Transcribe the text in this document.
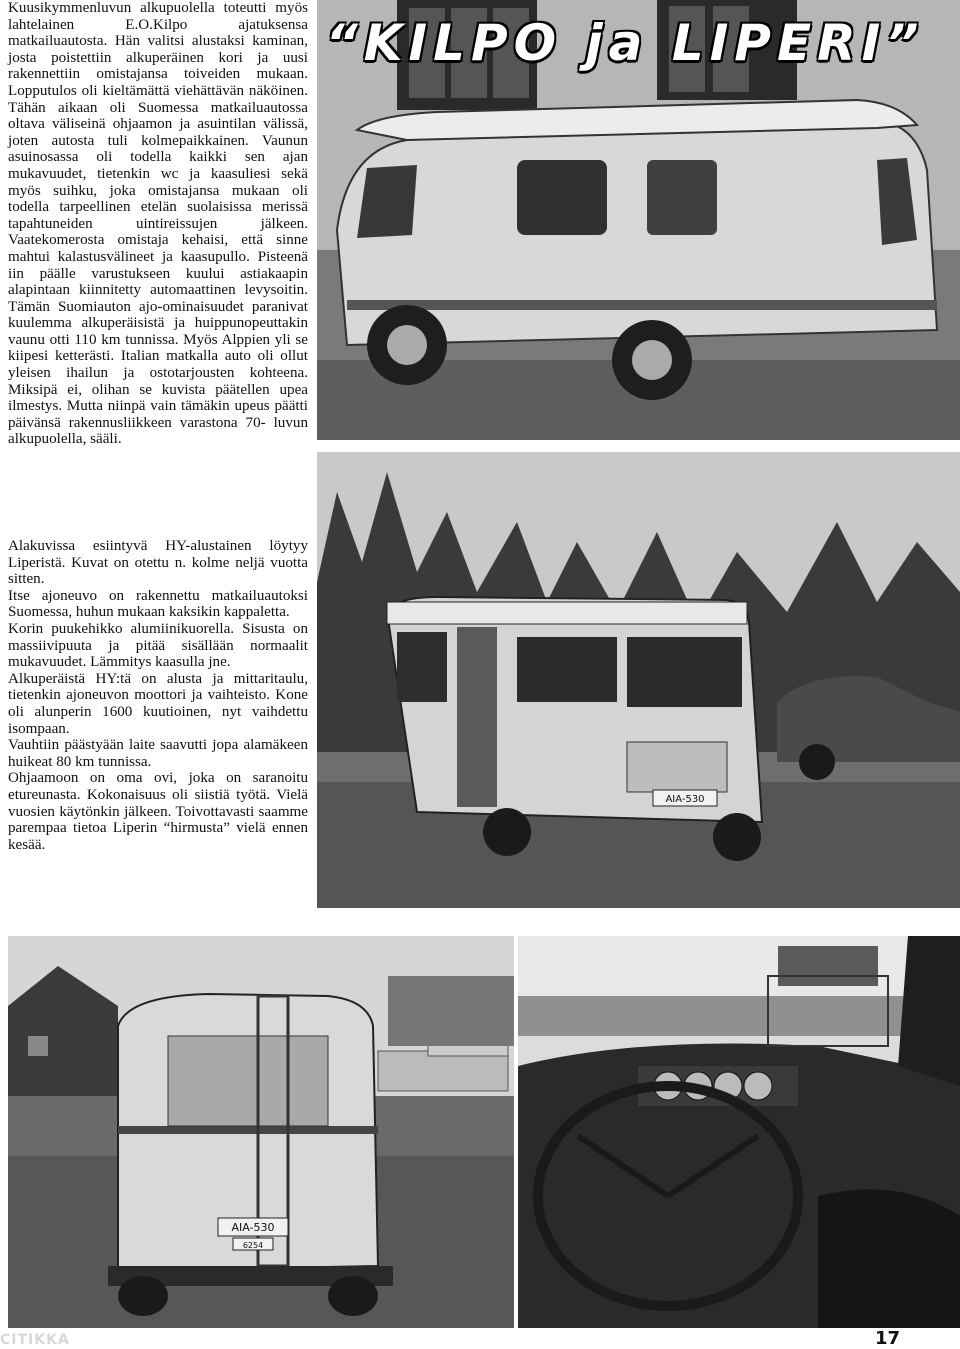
Kuusikymmenluvun alkupuolella toteutti myös lahtelainen E.O.Kilpo ajatuksensa matkailuautosta. Hän valitsi alustaksi kaminan, josta poistettiin alkuperäinen kori ja uusi rakennettiin omistajansa toiveiden mukaan. Lopputulos oli kieltämättä viehättävän näköinen. Tähän aikaan oli Suomessa matkailuautossa oltava väliseinä ohjaamon ja asuintilan välissä, joten autosta tuli kolmepaikkainen. Vaunun asuinosassa oli todella kaikki sen ajan mukavuudet, tietenkin wc ja kaasuliesi sekä myös suihku, joka omistajansa mukaan oli todella tarpeellinen etelän suolaisissa merissä tapahtuneiden uintireissujen jälkeen. Vaatekomerosta omistaja kehaisi, että sinne mahtui kalastusvälineet ja kaasupullo. Pisteenä iin päälle varustukseen kuului astiakaapin alapintaan kiinnitetty automaattinen levysoitin. Tämän Suomiauton ajo-ominaisuudet paranivat kuulemma alkuperäisistä ja huippunopeuttakin vaunu otti 110 km tunnissa. Myös Alppien yli se kiipesi ketterästi. Italian matkalla auto oli ollut yleisen ihailun ja ostotarjousten kohteena. Miksipä ei, olihan se kuvista päätellen upea ilmestys. Mutta niinpä vain tämäkin upeus päätti päivänsä rakennusliikkeen varastona 70- luvun alkupuolella, sääli.

Alakuvissa esiintyvä HY-alustainen löytyy Liperistä. Kuvat on otettu n. kolme neljä vuotta sitten.

Itse ajoneuvo on rakennettu matkailuautoksi Suomessa, huhun mukaan kaksikin kappaletta.

Korin puukehikko alumiinikuorella. Sisusta on massiivipuuta ja pitää sisällään normaalit mukavuudet. Lämmitys kaasulla jne.

Alkuperäistä HY:tä on alusta ja mittaritaulu, tietenkin ajoneuvon moottori ja vaihteisto. Kone oli alunperin 1600 kuutioinen, nyt vaihdettu isompaan.

Vauhtiin päästyään laite saavutti jopa alamäkeen huikeat 80 km tunnissa.

Ohjaamoon on oma ovi, joka on saranoitu etureunasta. Kokonaisuus oli siistiä työtä. Vielä vuosien käytönkin jälkeen. Toivottavasti saamme parempaa tietoa Liperin “hirmusta” vielä ennen kesää.

“KILPO ja LIPERI”
AIA-530
AIA-530
6254
CITIKKA	17
